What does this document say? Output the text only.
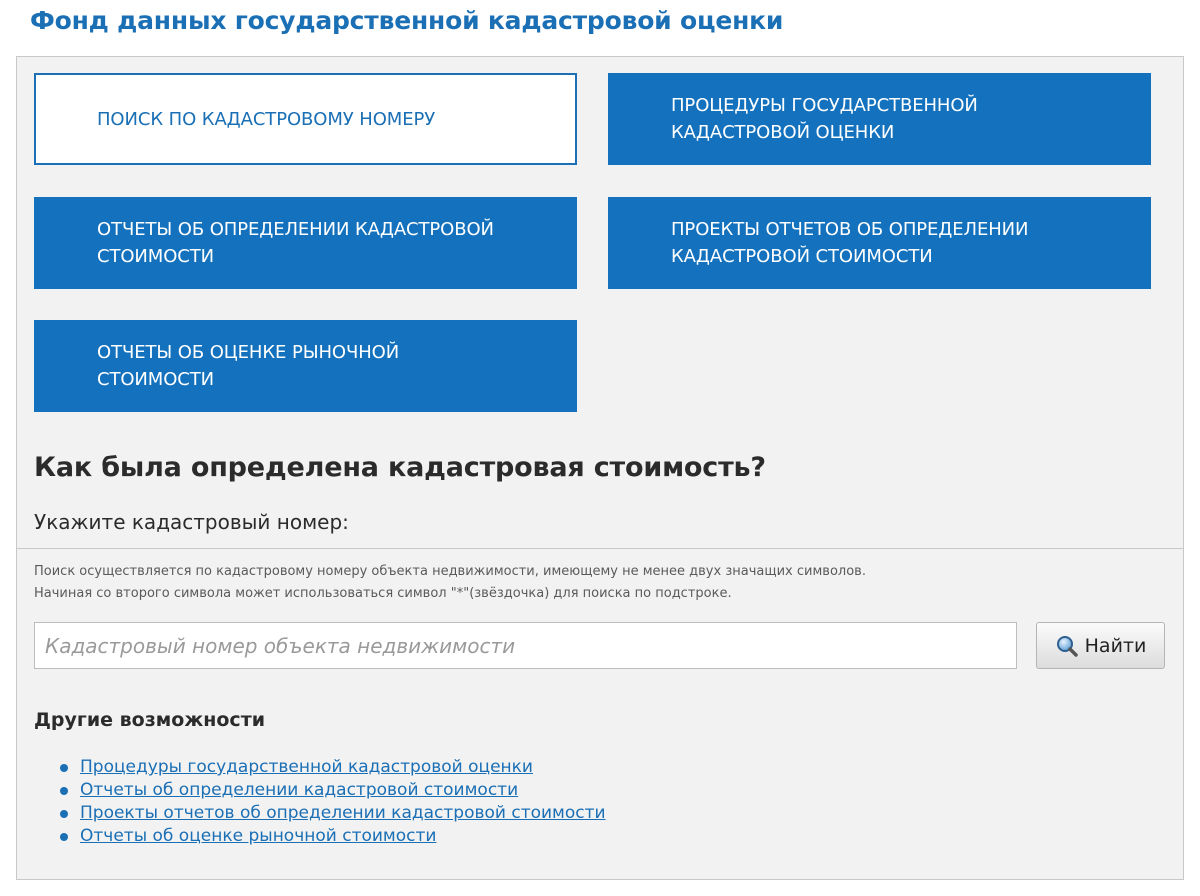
Фонд данных государственной кадастровой оценки
ПОИСК ПО КАДАСТРОВОМУ НОМЕРУ
ПРОЦЕДУРЫ ГОСУДАРСТВЕННОЙ КАДАСТРОВОЙ ОЦЕНКИ
ОТЧЕТЫ ОБ ОПРЕДЕЛЕНИИ КАДАСТРОВОЙ СТОИМОСТИ
ПРОЕКТЫ ОТЧЕТОВ ОБ ОПРЕДЕЛЕНИИ КАДАСТРОВОЙ СТОИМОСТИ
ОТЧЕТЫ ОБ ОЦЕНКЕ РЫНОЧНОЙ СТОИМОСТИ
Как была определена кадастровая стоимость?
Укажите кадастровый номер:
Поиск осуществляется по кадастровому номеру объекта недвижимости, имеющему не менее двух значащих символов.
Начиная со второго символа может использоваться символ "*"(звёздочка) для поиска по подстроке.
Кадастровый номер объекта недвижимости
Найти
Другие возможности
Процедуры государственной кадастровой оценки
Отчеты об определении кадастровой стоимости
Проекты отчетов об определении кадастровой стоимости
Отчеты об оценке рыночной стоимости
